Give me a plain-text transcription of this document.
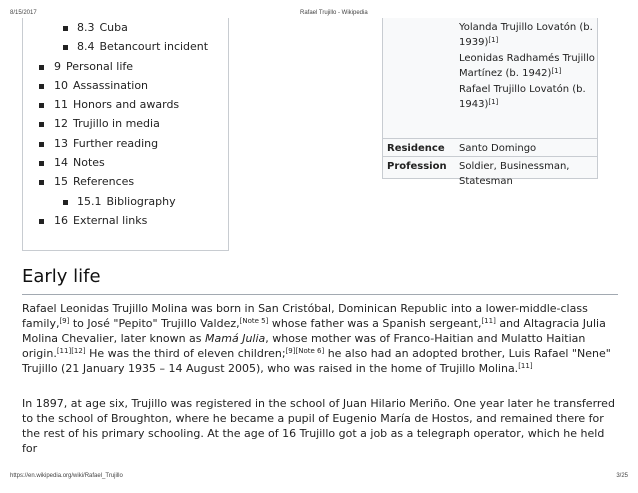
8/15/2017	Rafael Trujillo - Wikipedia
8.3 Cuba
8.4 Betancourt incident
9 Personal life
10 Assassination
11 Honors and awards
12 Trujillo in media
13 Further reading
14 Notes
15 References
15.1 Bibliography
16 External links
Yolanda Trujillo Lovatón (b.
1939)[1]
Leonidas Radhamés Trujillo
Martínez (b. 1942)[1]
Rafael Trujillo Lovatón (b.
1943)[1]
Residence Santo Domingo
Profession Soldier, Businessman,
Statesman
Early life

Rafael Leonidas Trujillo Molina was born in San Cristóbal, Dominican Republic into a lower-middle-class family,[9] to José "Pepito" Trujillo Valdez,[Note 5] whose father was a Spanish sergeant,[11] and Altagracia Julia Molina Chevalier, later known as Mamá Julia, whose mother was of Franco-Haitian and Mulatto Haitian origin.[11][12] He was the third of eleven children;[9][Note 6] he also had an adopted brother, Luis Rafael "Nene" Trujillo (21 January 1935 – 14 August 2005), who was raised in the home of Trujillo Molina.[11]

In 1897, at age six, Trujillo was registered in the school of Juan Hilario Meriño. One year later he transferred to the school of Broughton, where he became a pupil of Eugenio María de Hostos, and remained there for the rest of his primary schooling. At the age of 16 Trujillo got a job as a telegraph operator, which he held for

https://en.wikipedia.org/wiki/Rafael_Trujillo	3/25
